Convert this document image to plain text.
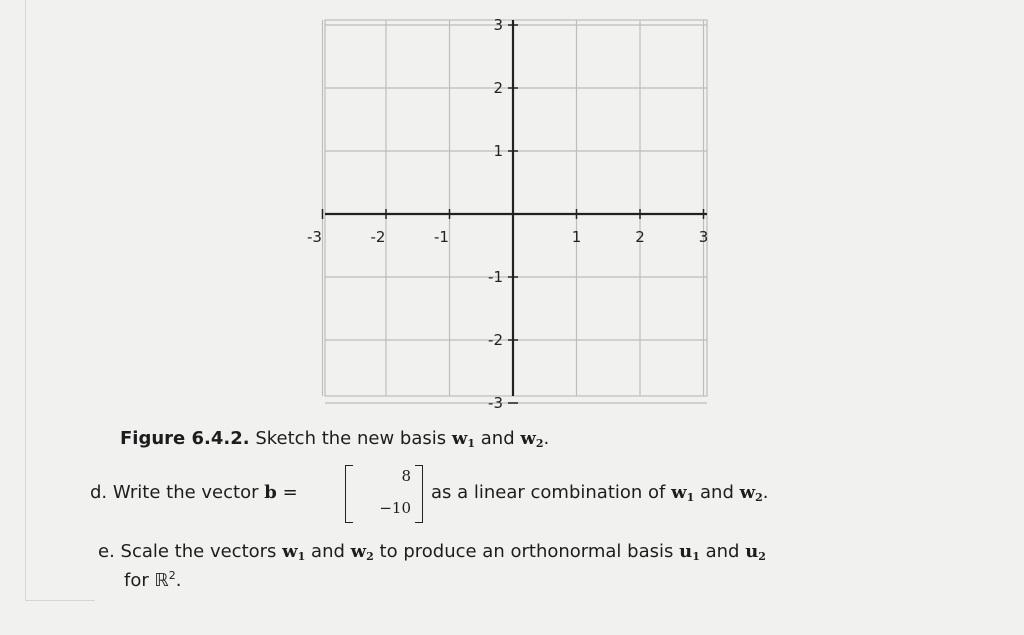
-3	-2	-1	1	2	3
3
2
1
-1
-2
-3
Figure 6.4.2. Sketch the new basis $w_1$ and $w_2$.
d. Write the vector b =
8
−10
as a linear combination of $w_1$ and $w_2$.
e. Scale the vectors $w_1$ and $w_2$ to produce an orthonormal basis $u_1$ and $u_2$
for ℝ$^2$.
